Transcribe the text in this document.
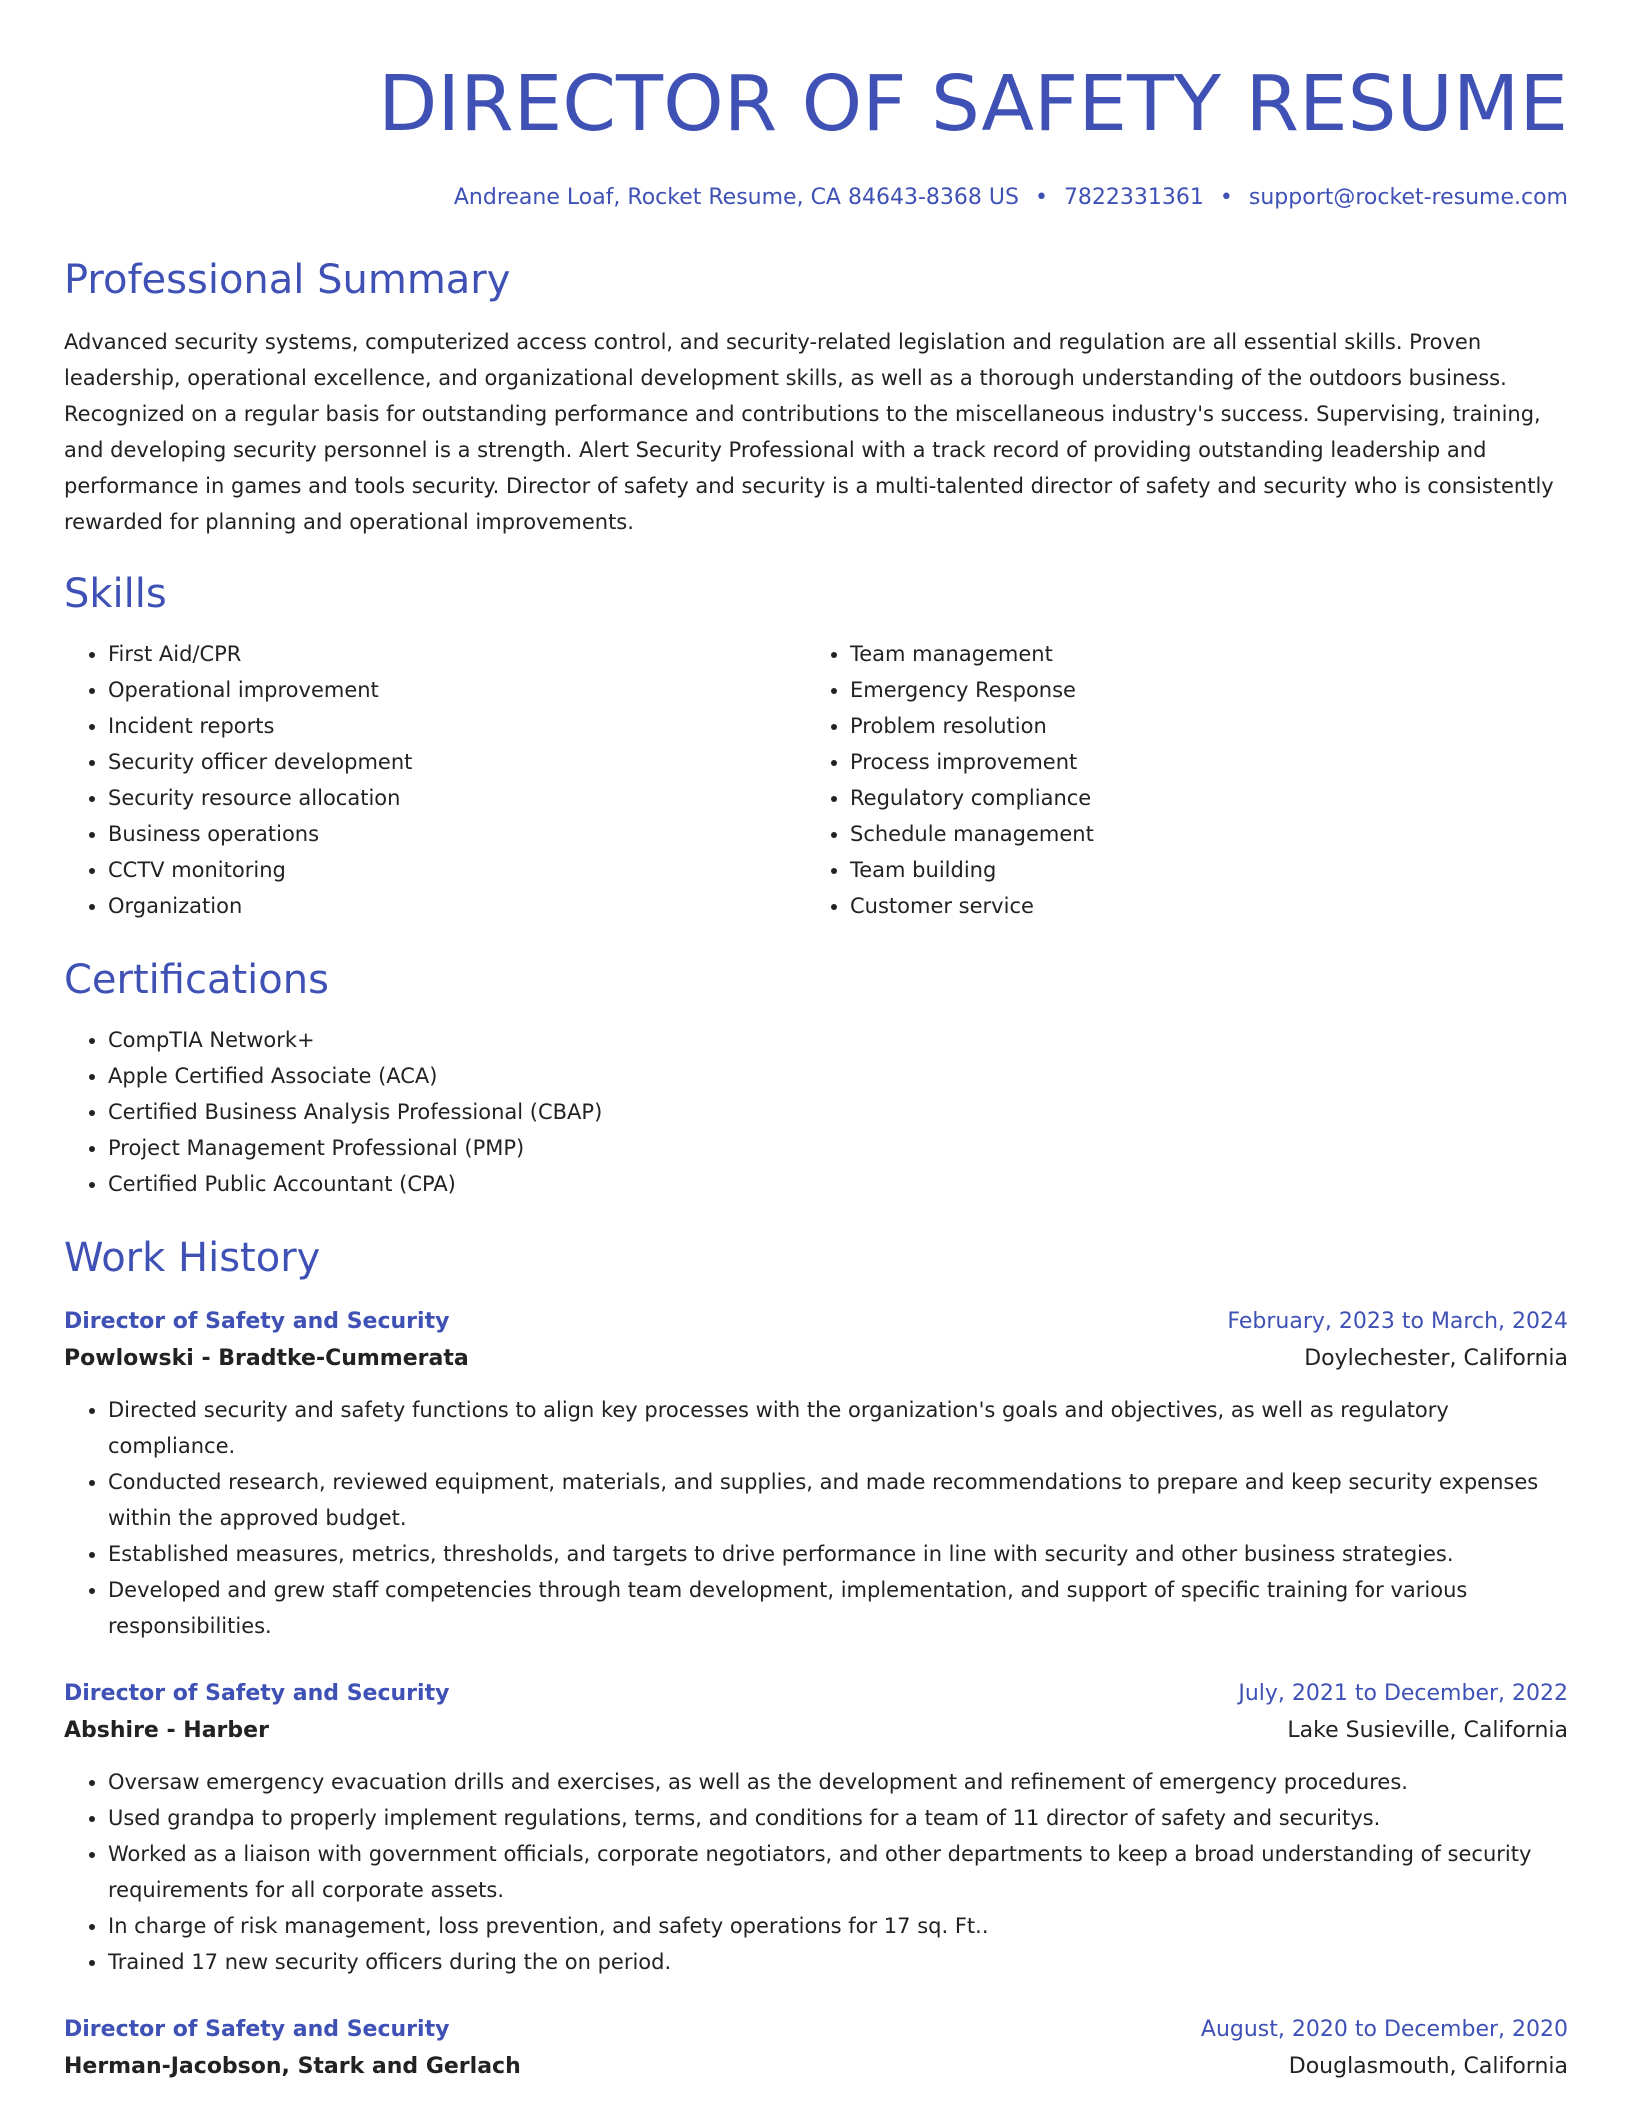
DIRECTOR OF SAFETY RESUME
Andreane Loaf, Rocket Resume, CA 84643-8368 US • 7822331361 • support@rocket-resume.com
Professional Summary
Advanced security systems, computerized access control, and security-related legislation and regulation are all essential skills. Proven leadership, operational excellence, and organizational development skills, as well as a thorough understanding of the outdoors business. Recognized on a regular basis for outstanding performance and contributions to the miscellaneous industry's success. Supervising, training, and developing security personnel is a strength. Alert Security Professional with a track record of providing outstanding leadership and performance in games and tools security. Director of safety and security is a multi-talented director of safety and security who is consistently rewarded for planning and operational improvements.
Skills
• First Aid/CPR
• Operational improvement
• Incident reports
• Security officer development
• Security resource allocation
• Business operations
• CCTV monitoring
• Organization
• Team management
• Emergency Response
• Problem resolution
• Process improvement
• Regulatory compliance
• Schedule management
• Team building
• Customer service
Certifications
• CompTIA Network+
• Apple Certified Associate (ACA)
• Certified Business Analysis Professional (CBAP)
• Project Management Professional (PMP)
• Certified Public Accountant (CPA)
Work History
Director of Safety and Security	February, 2023 to March, 2024
Powlowski - Bradtke-Cummerata	Doylechester, California
• Directed security and safety functions to align key processes with the organization's goals and objectives, as well as regulatory compliance.
• Conducted research, reviewed equipment, materials, and supplies, and made recommendations to prepare and keep security expenses within the approved budget.
• Established measures, metrics, thresholds, and targets to drive performance in line with security and other business strategies.
• Developed and grew staff competencies through team development, implementation, and support of specific training for various responsibilities.
Director of Safety and Security	July, 2021 to December, 2022
Abshire - Harber	Lake Susieville, California
• Oversaw emergency evacuation drills and exercises, as well as the development and refinement of emergency procedures.
• Used grandpa to properly implement regulations, terms, and conditions for a team of 11 director of safety and securitys.
• Worked as a liaison with government officials, corporate negotiators, and other departments to keep a broad understanding of security requirements for all corporate assets.
• In charge of risk management, loss prevention, and safety operations for 17 sq. Ft..
• Trained 17 new security officers during the on period.
Director of Safety and Security	August, 2020 to December, 2020
Herman-Jacobson, Stark and Gerlach	Douglasmouth, California
